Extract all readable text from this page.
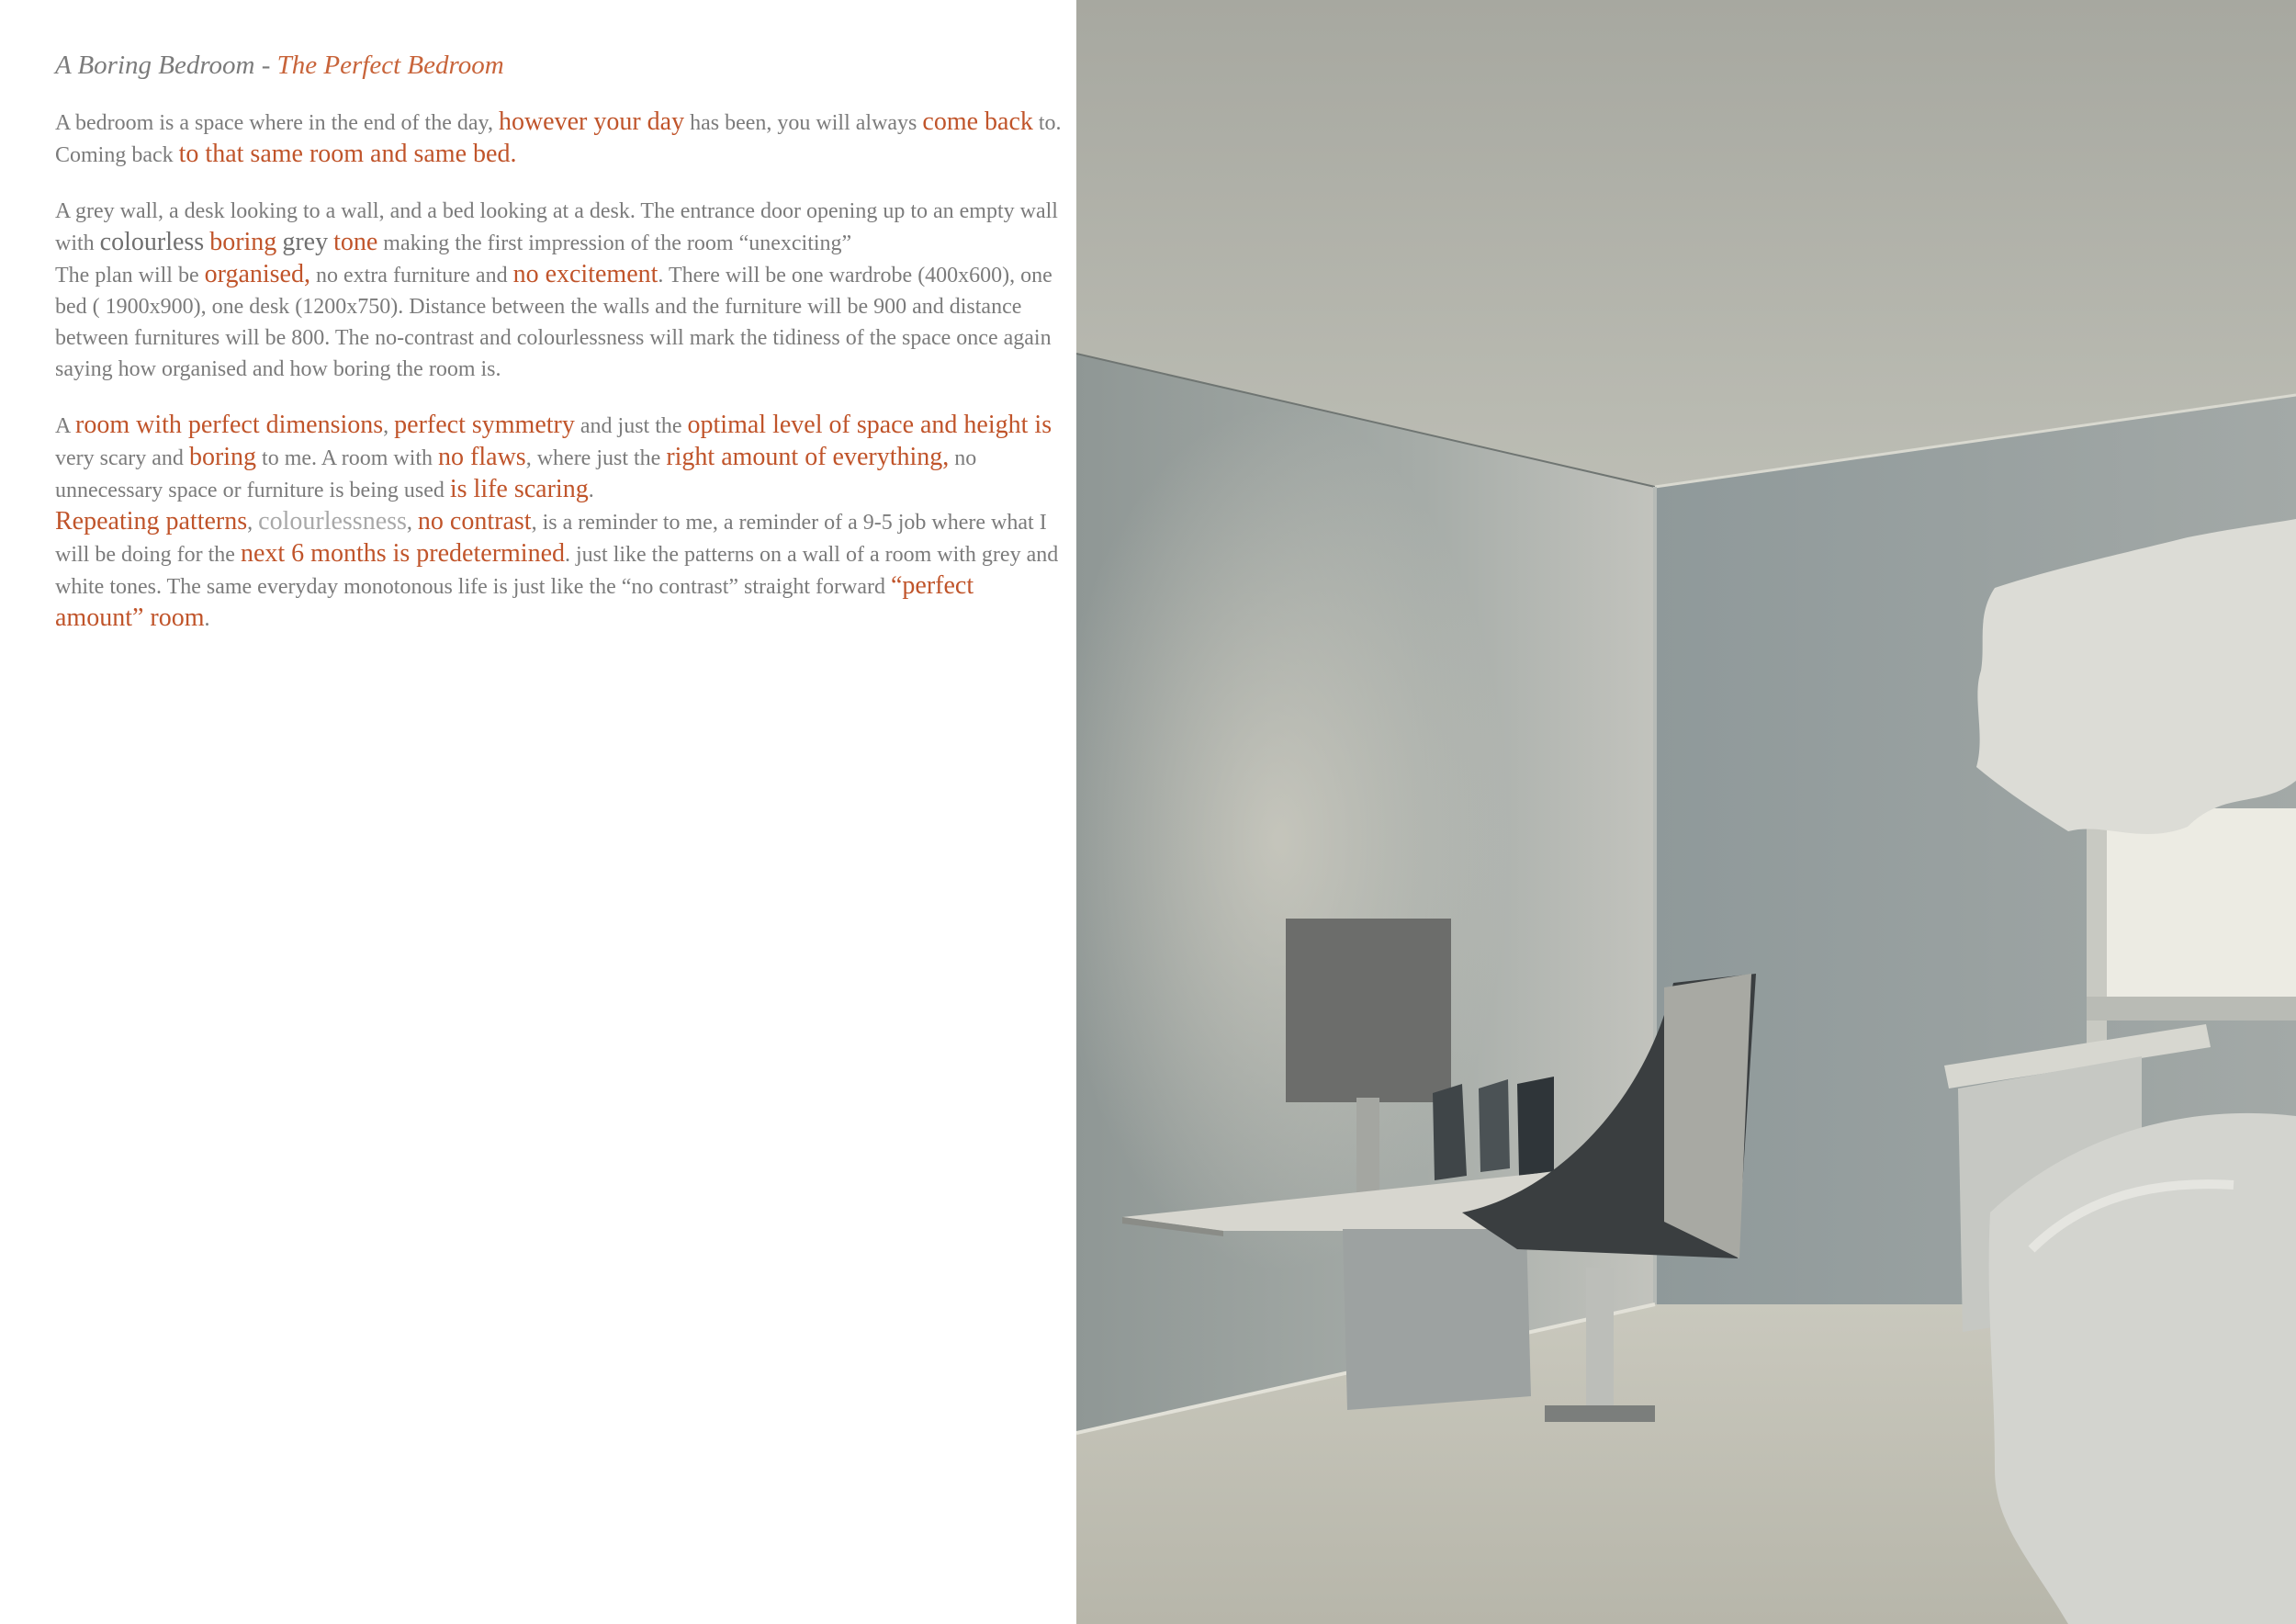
A Boring Bedroom - The Perfect Bedroom
A bedroom is a space where in the end of the day, however your day has been, you will always come back to. Coming back to that same room and same bed.
A grey wall, a desk looking to a wall, and a bed looking at a desk. The entrance door opening up to an empty wall with colourless boring grey tone making the first impression of the room “unexciting”
The plan will be organised, no extra furniture and no excitement. There will be one wardrobe (400x600), one bed ( 1900x900), one desk (1200x750). Distance between the walls and the furniture will be 900 and distance between furnitures will be 800. The no-contrast and colourlessness will mark the tidiness of the space once again saying how organised and how boring the room is.
A room with perfect dimensions, perfect symmetry and just the optimal level of space and height is very scary and boring to me. A room with no flaws, where just the right amount of everything, no unnecessary space or furniture is being used is life scaring.
Repeating patterns, colourlessness, no contrast, is a reminder to me, a reminder of a 9-5 job where what I will be doing for the next 6 months is predetermined. just like the patterns on a wall of a room with grey and white tones. The same everyday monotonous life is just like the “no contrast” straight forward “perfect amount” room.
